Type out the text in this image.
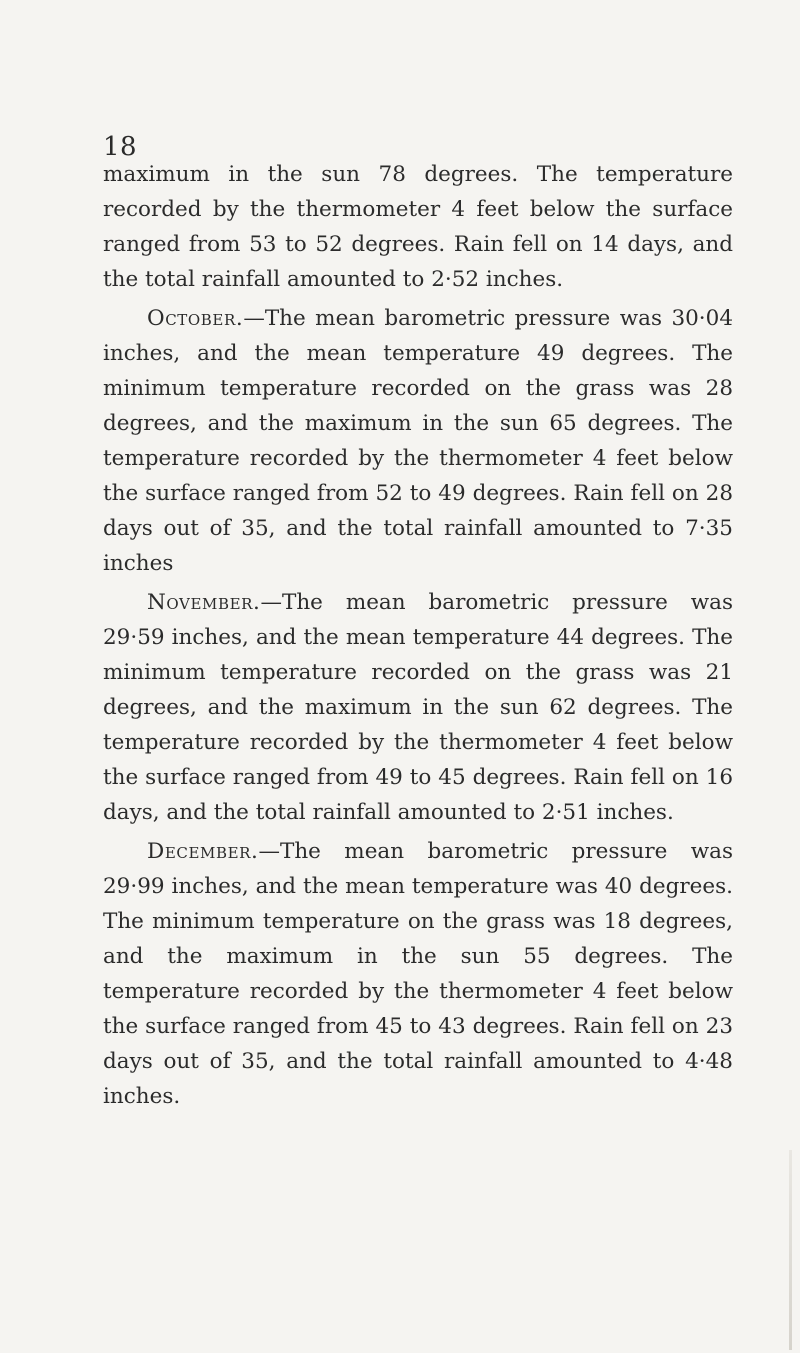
18

maximum in the sun 78 degrees. The temperature recorded by the thermometer 4 feet below the surface ranged from 53 to 52 degrees. Rain fell on 14 days, and the total rainfall amounted to 2·52 inches.

October.—The mean barometric pressure was 30·04 inches, and the mean temperature 49 degrees. The minimum temperature recorded on the grass was 28 degrees, and the maximum in the sun 65 degrees. The temperature recorded by the thermometer 4 feet below the surface ranged from 52 to 49 degrees. Rain fell on 28 days out of 35, and the total rainfall amounted to 7·35 inches

November.—The mean barometric pressure was 29·59 inches, and the mean temperature 44 degrees. The minimum temperature recorded on the grass was 21 degrees, and the maximum in the sun 62 degrees. The temperature recorded by the thermometer 4 feet below the surface ranged from 49 to 45 degrees. Rain fell on 16 days, and the total rainfall amounted to 2·51 inches.

December.—The mean barometric pressure was 29·99 inches, and the mean temperature was 40 degrees. The minimum temperature on the grass was 18 degrees, and the maximum in the sun 55 degrees. The temperature recorded by the thermometer 4 feet below the surface ranged from 45 to 43 degrees. Rain fell on 23 days out of 35, and the total rainfall amounted to 4·48 inches.
